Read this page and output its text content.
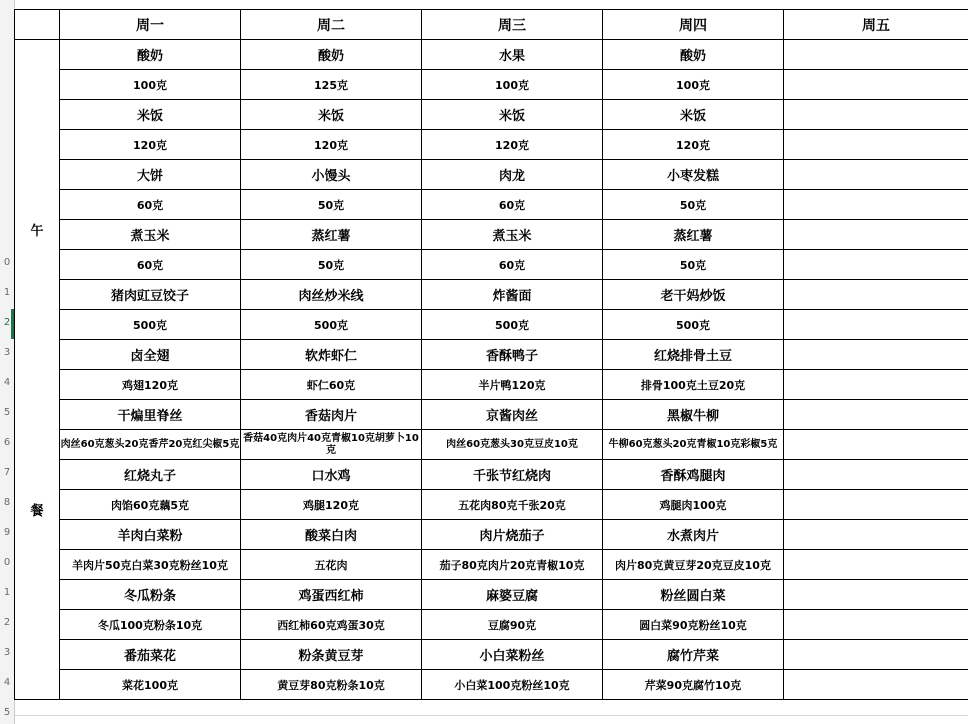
0
1
2
3
4
5
6
7
8
9
0
1
2
3
4
5
	周一	周二	周三	周四	周五

午
餐	酸奶	酸奶	水果	酸奶	
	100克	125克	100克	100克	
	米饭	米饭	米饭	米饭	
	120克	120克	120克	120克	
	大饼	小馒头	肉龙	小枣发糕	
	60克	50克	60克	50克	
	煮玉米	蒸红薯	煮玉米	蒸红薯	
	60克	50克	60克	50克	
	猪肉豇豆饺子	肉丝炒米线	炸酱面	老干妈炒饭	
	500克	500克	500克	500克	
	卤全翅	软炸虾仁	香酥鸭子	红烧排骨土豆	
	鸡翅120克	虾仁60克	半片鸭120克	排骨100克土豆20克	
	干煸里脊丝	香菇肉片	京酱肉丝	黑椒牛柳	
	肉丝60克葱头20克香芹20克红尖椒5克	香菇40克肉片40克青椒10克胡萝卜10克	肉丝60克葱头30克豆皮10克	牛柳60克葱头20克青椒10克彩椒5克	
	红烧丸子	口水鸡	千张节红烧肉	香酥鸡腿肉	
	肉馅60克藕5克	鸡腿120克	五花肉80克千张20克	鸡腿肉100克	
	羊肉白菜粉	酸菜白肉	肉片烧茄子	水煮肉片	
	羊肉片50克白菜30克粉丝10克	五花肉	茄子80克肉片20克青椒10克	肉片80克黄豆芽20克豆皮10克	
	冬瓜粉条	鸡蛋西红柿	麻婆豆腐	粉丝圆白菜	
	冬瓜100克粉条10克	西红柿60克鸡蛋30克	豆腐90克	圆白菜90克粉丝10克	
	番茄菜花	粉条黄豆芽	小白菜粉丝	腐竹芹菜	
	菜花100克	黄豆芽80克粉条10克	小白菜100克粉丝10克	芹菜90克腐竹10克	
